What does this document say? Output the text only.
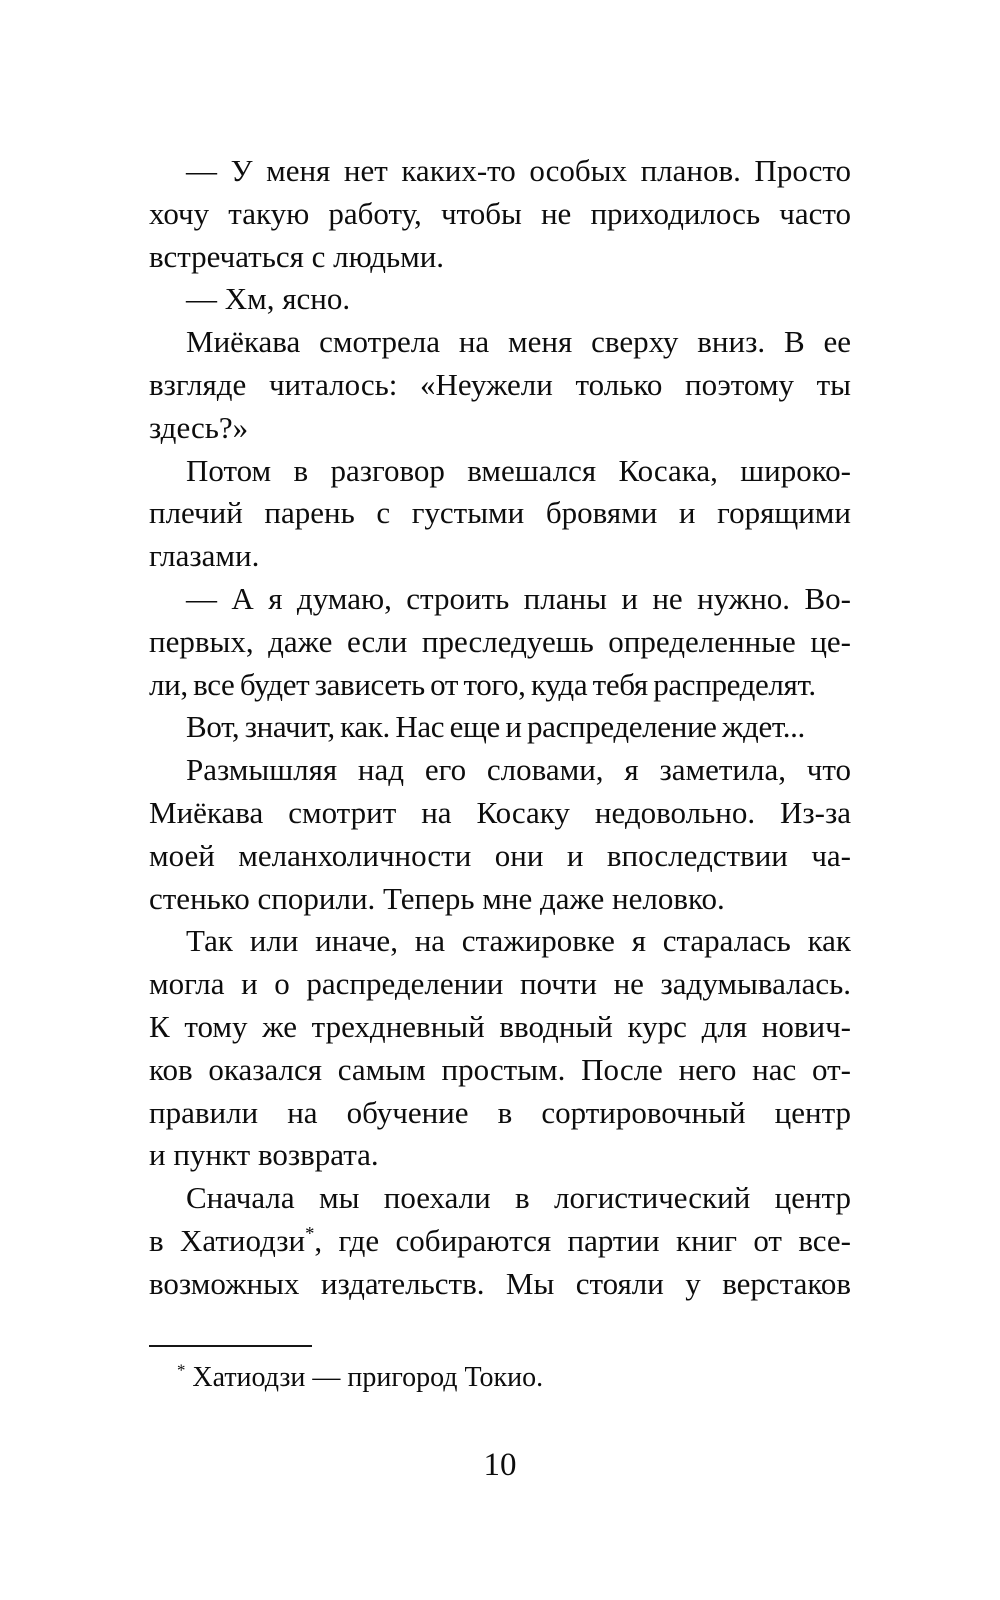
— У меня нет каких-то особых планов. Просто
хочу такую работу, чтобы не приходилось часто
встречаться с людьми.
— Хм, ясно.
Миёкава смотрела на меня сверху вниз. В ее
взгляде читалось: «Неужели только поэтому ты
здесь?»
Потом в разговор вмешался Косака, широко-
плечий парень с густыми бровями и горящими
глазами.
— А я думаю, строить планы и не нужно. Во-
первых, даже если преследуешь определенные це-
ли, все будет зависеть от того, куда тебя распределят.
Вот, значит, как. Нас еще и распределение ждет...
Размышляя над его словами, я заметила, что
Миёкава смотрит на Косаку недовольно. Из-за
моей меланхоличности они и впоследствии ча-
стенько спорили. Теперь мне даже неловко.
Так или иначе, на стажировке я старалась как
могла и о распределении почти не задумывалась.
К тому же трехдневный вводный курс для нович-
ков оказался самым простым. После него нас от-
правили на обучение в сортировочный центр
и пункт возврата.
Сначала мы поехали в логистический центр
в Хатиодзи*, где собираются партии книг от все-
возможных издательств. Мы стояли у верстаков
* Хатиодзи — пригород Токио.
10
